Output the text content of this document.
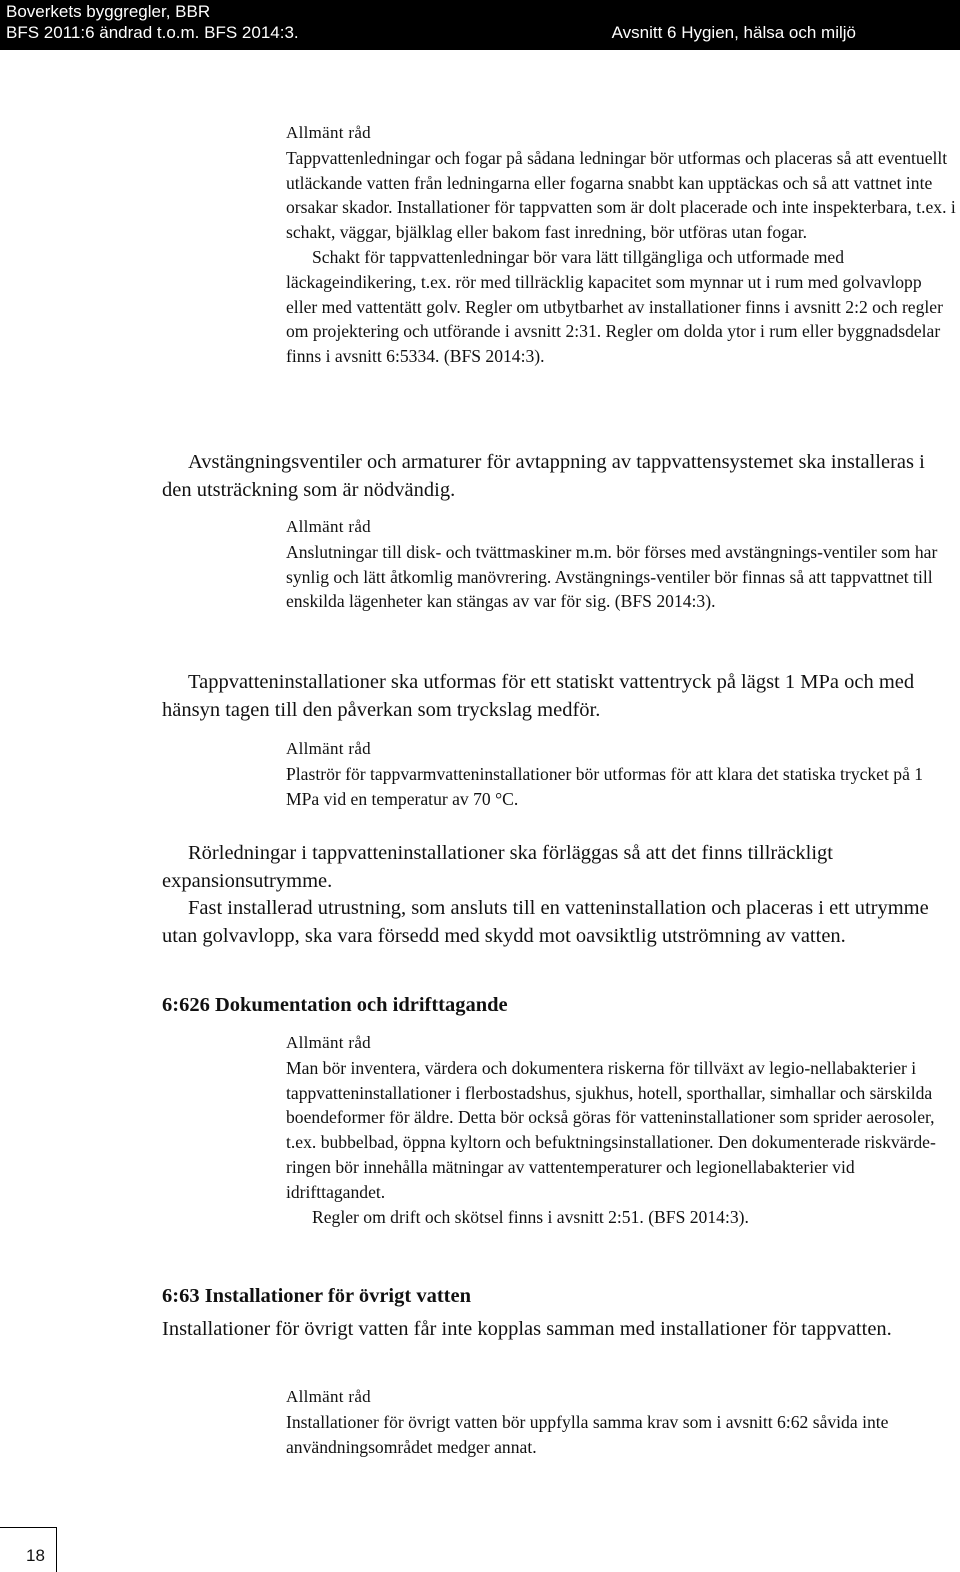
Boverkets byggregler, BBR
BFS 2011:6 ändrad t.o.m. BFS 2014:3.	Avsnitt 6 Hygien, hälsa och miljö
Allmänt råd

Tappvattenledningar och fogar på sådana ledningar bör utformas och placeras så att eventuellt utläckande vatten från ledningarna eller fogarna snabbt kan upptäckas och så att vattnet inte orsakar skador. Installationer för tappvatten som är dolt placerade och inte inspekterbara, t.ex. i schakt, väggar, bjälklag eller bakom fast inredning, bör utföras utan fogar.

Schakt för tappvattenledningar bör vara lätt tillgängliga och utformade med läckageindikering, t.ex. rör med tillräcklig kapacitet som mynnar ut i rum med golvavlopp eller med vattentätt golv. Regler om utbytbarhet av installationer finns i avsnitt 2:2 och regler om projektering och utförande i avsnitt 2:31. Regler om dolda ytor i rum eller byggnadsdelar finns i avsnitt 6:5334. (BFS 2014:3).

Avstängningsventiler och armaturer för avtappning av tappvattensystemet ska installeras i den utsträckning som är nödvändig.

Allmänt råd

Anslutningar till disk- och tvättmaskiner m.m. bör förses med avstängnings-ventiler som har synlig och lätt åtkomlig manövrering. Avstängnings-ventiler bör finnas så att tappvattnet till enskilda lägenheter kan stängas av var för sig. (BFS 2014:3).

Tappvatteninstallationer ska utformas för ett statiskt vattentryck på lägst 1 MPa och med hänsyn tagen till den påverkan som tryckslag medför.

Allmänt råd

Plaströr för tappvarmvatteninstallationer bör utformas för att klara det statiska trycket på 1 MPa vid en temperatur av 70 °C.

Rörledningar i tappvatteninstallationer ska förläggas så att det finns tillräckligt expansionsutrymme.

Fast installerad utrustning, som ansluts till en vatteninstallation och placeras i ett utrymme utan golvavlopp, ska vara försedd med skydd mot oavsiktlig utströmning av vatten.

6:626 Dokumentation och idrifttagande
Allmänt råd

Man bör inventera, värdera och dokumentera riskerna för tillväxt av legio-nellabakterier i tappvatteninstallationer i flerbostadshus, sjukhus, hotell, sporthallar, simhallar och särskilda boendeformer för äldre. Detta bör också göras för vatteninstallationer som sprider aerosoler, t.ex. bubbelbad, öppna kyltorn och befuktningsinstallationer. Den dokumenterade riskvärde-ringen bör innehålla mätningar av vattentemperaturer och legionellabakterier vid idrifttagandet.

Regler om drift och skötsel finns i avsnitt 2:51. (BFS 2014:3).

6:63 Installationer för övrigt vatten

Installationer för övrigt vatten får inte kopplas samman med installationer för tappvatten.

Allmänt råd

Installationer för övrigt vatten bör uppfylla samma krav som i avsnitt 6:62 såvida inte användningsområdet medger annat.

18
